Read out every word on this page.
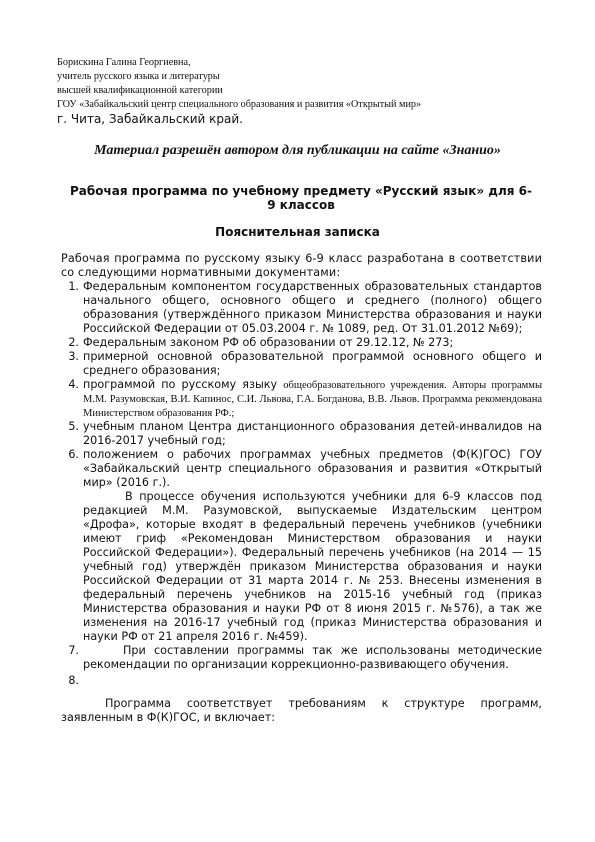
Борискина Галина Георгиевна,
учитель русского языка и литературы
высшей квалификационной категории
ГОУ «Забайкальский центр специального образования и развития «Открытый мир»
г. Чита, Забайкальский край.
Материал разрешён автором для публикации на сайте «Знанио»
Рабочая программа по учебному предмету «Русский язык» для 6-9 классов
Пояснительная записка
Рабочая программа по русскому языку 6-9 класс разработана в соответствии со следующими нормативными документами:
1. Федеральным компонентом государственных образовательных стандартов начального общего, основного общего и среднего (полного) общего образования (утверждённого приказом Министерства образования и науки Российской Федерации от 05.03.2004 г. № 1089, ред. От 31.01.2012 №69);
2. Федеральным законом РФ об образовании от 29.12.12, № 273;
3. примерной основной образовательной программой основного общего и среднего образования;
4. программой по русскому языку общеобразовательного учреждения. Авторы программы М.М. Разумовская, В.И. Капинос, С.И. Львова, Г.А. Богданова, В.В. Львов. Программа рекомендована Министерством образования РФ.;
5. учебным планом Центра дистанционного образования детей-инвалидов на 2016-2017 учебный год;
6. положением о рабочих программах учебных предметов (Ф(К)ГОС) ГОУ «Забайкальский центр специального образования и развития «Открытый мир» (2016 г.).
В процессе обучения используются учебники для 6-9 классов под редакцией М.М. Разумовской, выпускаемые Издательским центром «Дрофа», которые входят в федеральный перечень учебников (учебники имеют гриф «Рекомендован Министерством образования и науки Российской Федерации»). Федеральный перечень учебников (на 2014 — 15 учебный год) утверждён приказом Министерства образования и науки Российской Федерации от 31 марта 2014 г. № 253. Внесены изменения в федеральный перечень учебников на 2015-16 учебный год (приказ Министерства образования и науки РФ от 8 июня 2015 г. №576), а так же изменения на 2016-17 учебный год (приказ Министерства образования и науки РФ от 21 апреля 2016 г. №459).
7.	При составлении программы так же использованы методические рекомендации по организации коррекционно-развивающего обучения.
8.
Программа соответствует требованиям к структуре программ, заявленным в Ф(К)ГОС, и включает:
